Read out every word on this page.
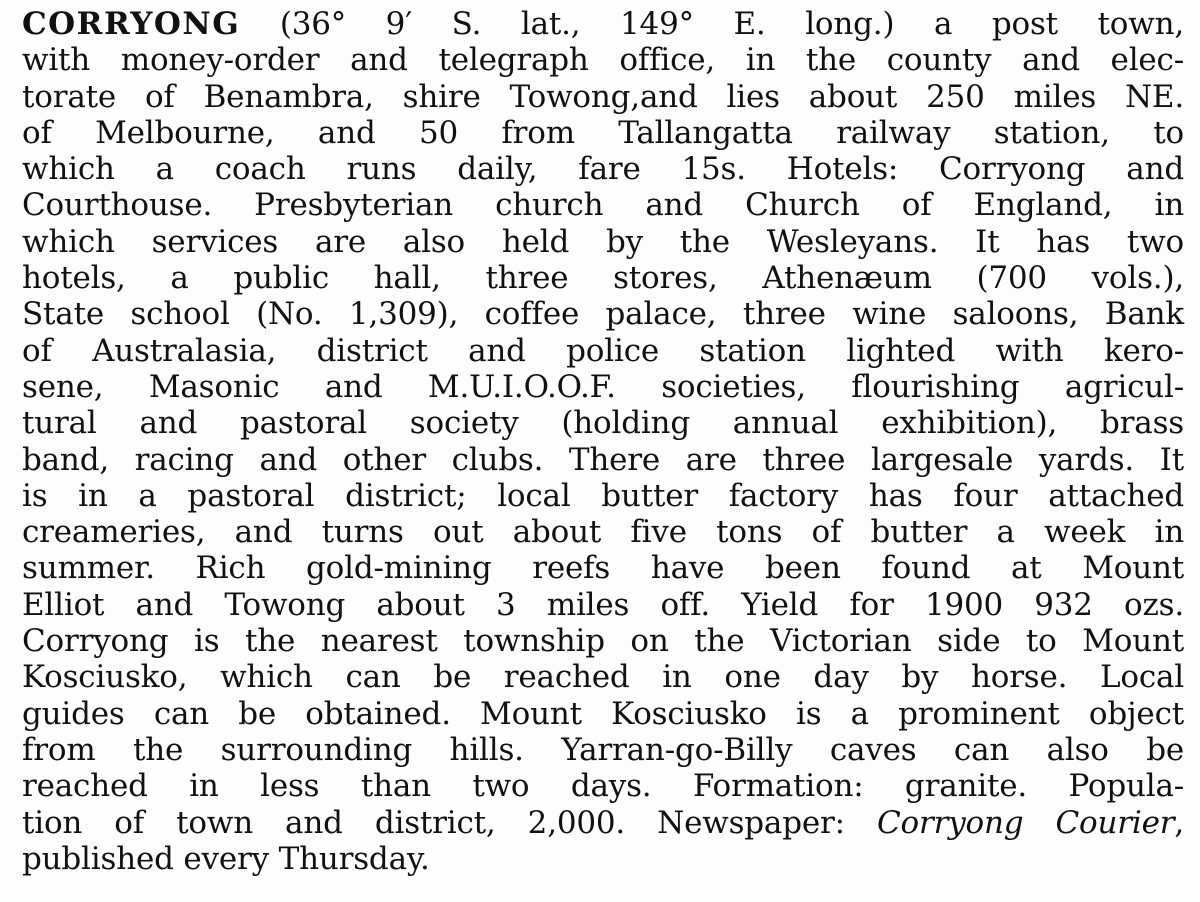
CORRYONG (36° 9′ S. lat., 149° E. long.) a post town,
with money-order and telegraph office, in the county and elec-
torate of Benambra, shire Towong,and lies about 250 miles NE.
of Melbourne, and 50 from Tallangatta railway station, to
which a coach runs daily, fare 15s. Hotels: Corryong and
Courthouse. Presbyterian church and Church of England, in
which services are also held by the Wesleyans. It has two
hotels, a public hall, three stores, Athenæum (700 vols.),
State school (No. 1,309), coffee palace, three wine saloons, Bank
of Australasia, district and police station lighted with kero-
sene, Masonic and M.U.I.O.O.F. societies, flourishing agricul-
tural and pastoral society (holding annual exhibition), brass
band, racing and other clubs. There are three largesale yards. It
is in a pastoral district; local butter factory has four attached
creameries, and turns out about five tons of butter a week in
summer. Rich gold-mining reefs have been found at Mount
Elliot and Towong about 3 miles off. Yield for 1900 932 ozs.
Corryong is the nearest township on the Victorian side to Mount
Kosciusko, which can be reached in one day by horse. Local
guides can be obtained. Mount Kosciusko is a prominent object
from the surrounding hills. Yarran-go-Billy caves can also be
reached in less than two days. Formation: granite. Popula-
tion of town and district, 2,000. Newspaper: Corryong Courier,
published every Thursday.
